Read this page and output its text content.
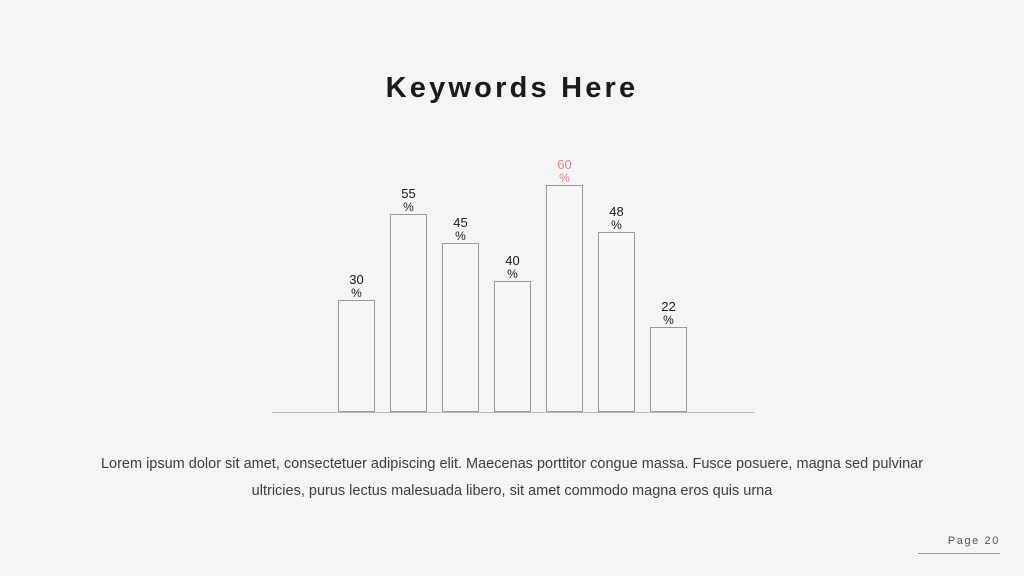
Keywords Here
30
%
55
%
45
%
40
%
60
%
48
%
22
%
Lorem ipsum dolor sit amet, consectetuer adipiscing elit. Maecenas porttitor congue massa. Fusce posuere, magna sed pulvinar ultricies, purus lectus malesuada libero, sit amet commodo magna eros quis urna
Page 20
